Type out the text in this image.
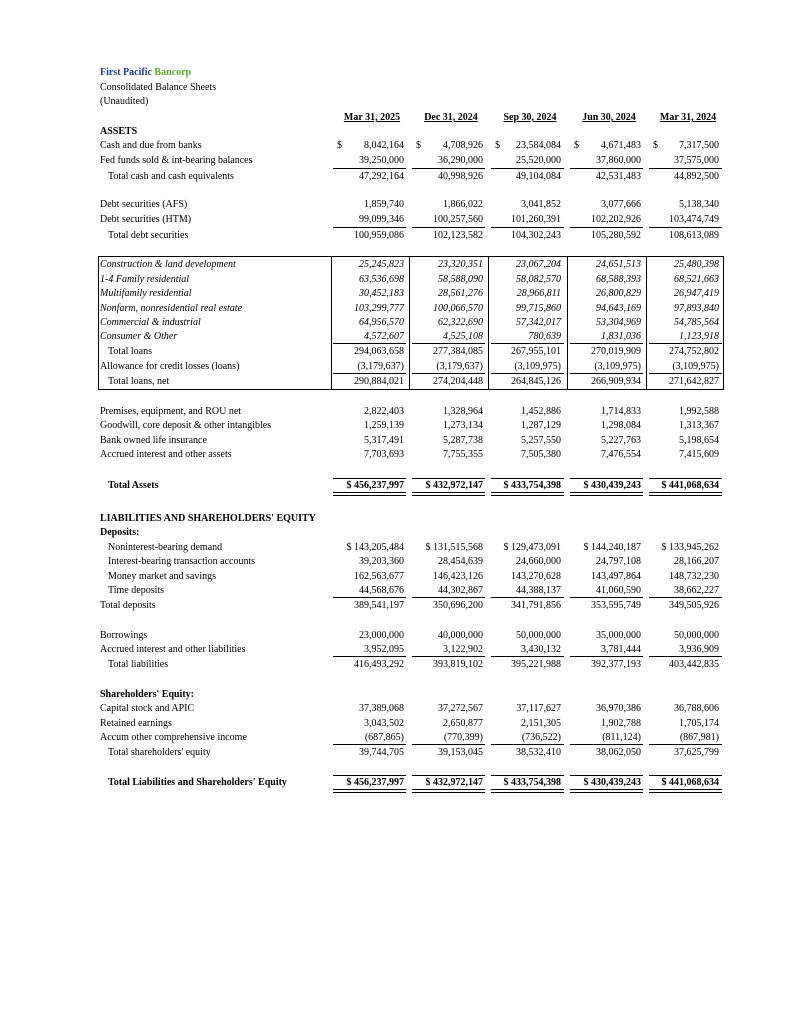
First Pacific Bancorp
Consolidated Balance Sheets
(Unaudited)
Mar 31, 2025	Dec 31, 2024	Sep 30, 2024	Jun 30, 2024	Mar 31, 2024
ASSETS
Cash and due from banks	$	8,042,164 $	4,708,926 $	23,584,084 $	4,671,483 $	7,317,500
Fed funds sold & int-bearing balances	39,250,000	36,290,000	25,520,000	37,860,000	37,575,000
Total cash and cash equivalents	47,292,164	40,998,926	49,104,084	42,531,483	44,892,500
Debt securities (AFS)	1,859,740	1,866,022	3,041,852	3,077,666	5,138,340
Debt securities (HTM)	99,099,346	100,257,560	101,260,391	102,202,926	103,474,749
Total debt securities	100,959,086	102,123,582	104,302,243	105,280,592	108,613,089
Construction & land development	25,245,823	23,320,351	23,067,204	24,651,513	25,480,398
1-4 Family residential	63,536,698	58,588,090	58,082,570	68,588,393	68,521,663
Multifamily residential	30,452,183	28,561,276	28,966,811	26,800,829	26,947,419
Nonfarm, nonresidential real estate	103,299,777	100,066,570	99,715,860	94,643,169	97,893,840
Commercial & industrial	64,956,570	62,322,690	57,342,017	53,304,969	54,785,564
Consumer & Other	4,572,607	4,525,108	780,639	1,831,036	1,123,918
Total loans	294,063,658	277,384,085	267,955,101	270,019,909	274,752,802
Allowance for credit losses (loans)	(3,179,637)	(3,179,637)	(3,109,975)	(3,109,975)	(3,109,975)
Total loans, net	290,884,021	274,204,448	264,845,126	266,909,934	271,642,827
Premises, equipment, and ROU net	2,822,403	1,328,964	1,452,886	1,714,833	1,992,588
Goodwill, core deposit & other intangibles	1,259,139	1,273,134	1,287,129	1,298,084	1,313,367
Bank owned life insurance	5,317,491	5,287,738	5,257,550	5,227,763	5,198,654
Accrued interest and other assets	7,703,693	7,755,355	7,505,380	7,476,554	7,415,609
Total Assets	$ 456,237,997	$ 432,972,147	$ 433,754,398	$ 430,439,243	$ 441,068,634
LIABILITIES AND SHAREHOLDERS' EQUITY
Deposits:
Noninterest-bearing demand	$ 143,205,484	$ 131,515,568	$ 129,473,091	$ 144,240,187	$ 133,945,262
Interest-bearing transaction accounts	39,203,360	28,454,639	24,660,000	24,797,108	28,166,207
Money market and savings	162,563,677	146,423,126	143,270,628	143,497,864	148,732,230
Time deposits	44,568,676	44,302,867	44,388,137	41,060,590	38,662,227
Total deposits	389,541,197	350,696,200	341,791,856	353,595,749	349,505,926
Borrowings	23,000,000	40,000,000	50,000,000	35,000,000	50,000,000
Accrued interest and other liabilities	3,952,095	3,122,902	3,430,132	3,781,444	3,936,909
Total liabilities	416,493,292	393,819,102	395,221,988	392,377,193	403,442,835
Shareholders' Equity:
Capital stock and APIC	37,389,068	37,272,567	37,117,627	36,970,386	36,788,606
Retained earnings	3,043,502	2,650,877	2,151,305	1,902,788	1,705,174
Accum other comprehensive income	(687,865)	(770,399)	(736,522)	(811,124)	(867,981)
Total shareholders' equity	39,744,705	39,153,045	38,532,410	38,062,050	37,625,799
Total Liabilities and Shareholders' Equity	$ 456,237,997	$ 432,972,147	$ 433,754,398	$ 430,439,243	$ 441,068,634
